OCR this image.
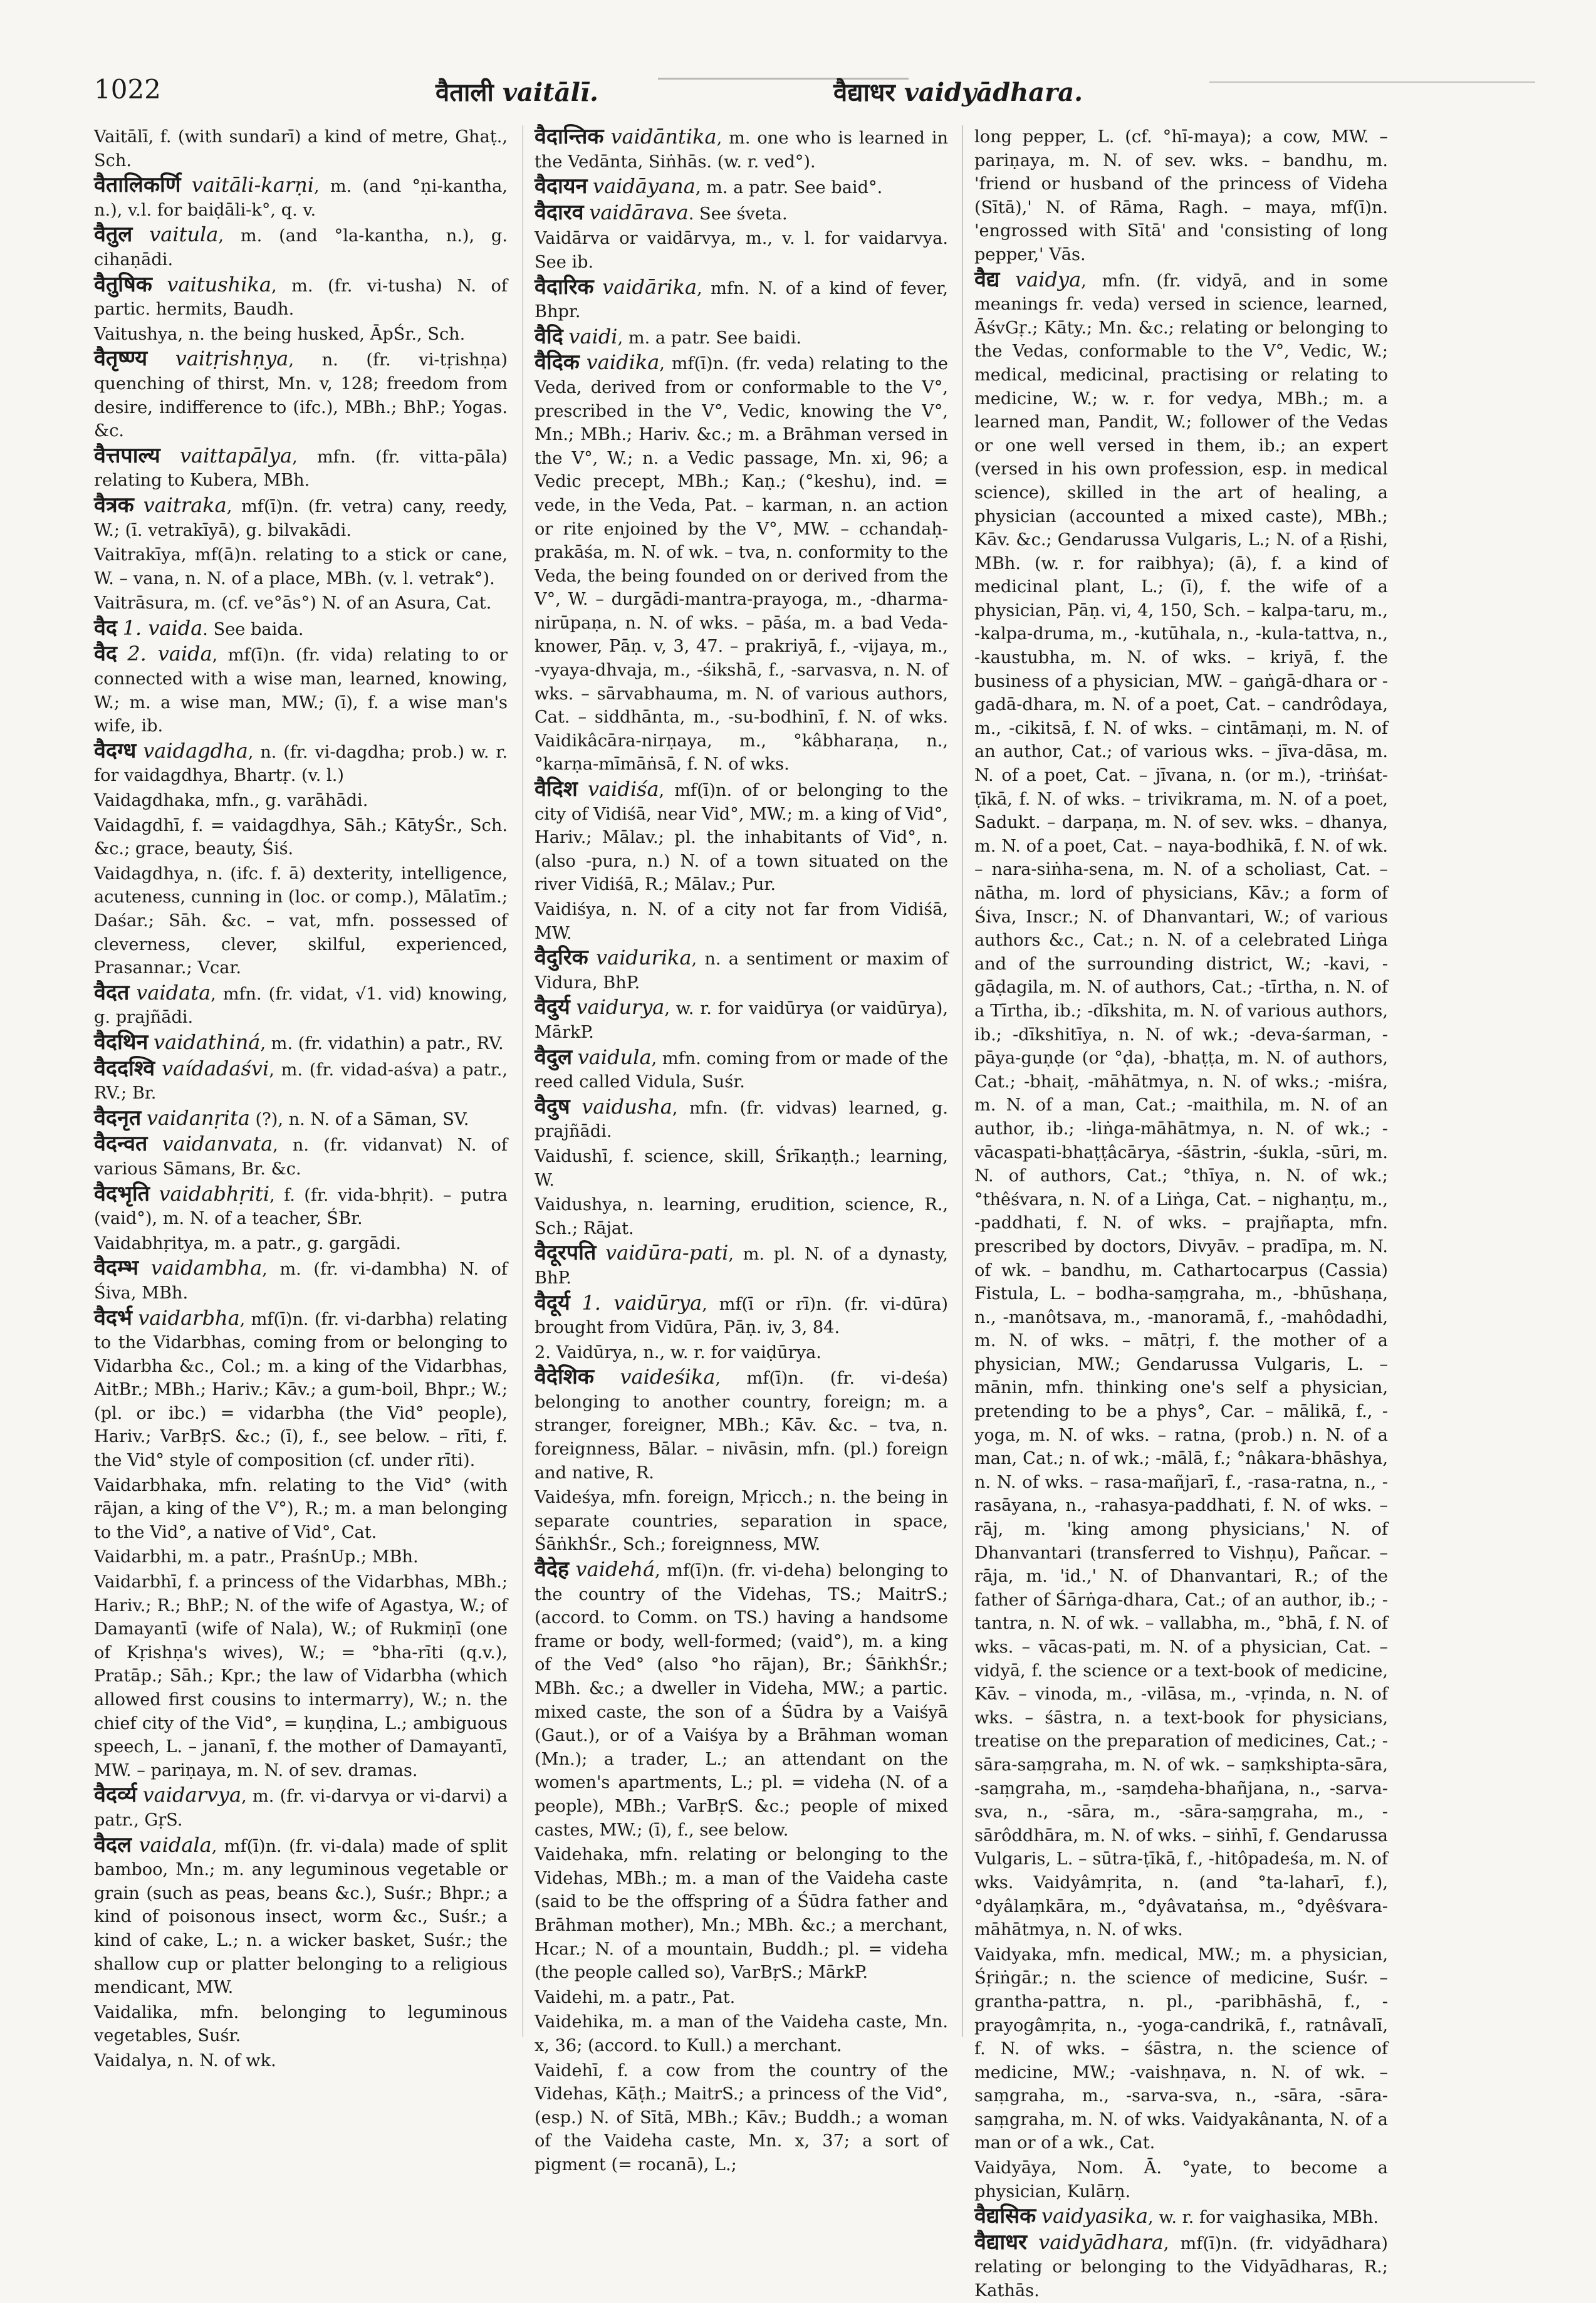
1022	वैताली vaitālī.	वैद्याधर vaidyādhara.

Vaitālī, f. (with sundarī) a kind of metre, Ghaṭ., Sch.

वैतालिकर्णि vaitāli-karṇi, m. (and °ṇi-kantha, n.), v.l. for baiḍāli-k°, q. v.

वैतुल vaitula, m. (and °la-kantha, n.), g. cihaṇādi.

वैतुषिक vaitushika, m. (fr. vi-tusha) N. of partic. hermits, Baudh.

Vaitushya, n. the being husked, ĀpŚr., Sch.

वैतृष्ण्य vaitṛishṇya, n. (fr. vi-tṛishṇa) quenching of thirst, Mn. v, 128; freedom from desire, indifference to (ifc.), MBh.; BhP.; Yogas. &c.

वैत्तपाल्य vaittapālya, mfn. (fr. vitta-pāla) relating to Kubera, MBh.

वैत्रक vaitraka, mf(ī)n. (fr. vetra) cany, reedy, W.; (ī. vetrakīyā), g. bilvakādi.

Vaitrakīya, mf(ā)n. relating to a stick or cane, W. – vana, n. N. of a place, MBh. (v. l. vetrak°).

Vaitrāsura, m. (cf. ve°ās°) N. of an Asura, Cat.

वैद 1. vaida. See baida.

वैद 2. vaida, mf(ī)n. (fr. vida) relating to or connected with a wise man, learned, knowing, W.; m. a wise man, MW.; (ī), f. a wise man's wife, ib.

वैदग्ध vaidagdha, n. (fr. vi-dagdha; prob.) w. r. for vaidagdhya, Bhartṛ. (v. l.)

Vaidagdhaka, mfn., g. varāhādi.

Vaidagdhī, f. = vaidagdhya, Sāh.; KātyŚr., Sch. &c.; grace, beauty, Śiś.

Vaidagdhya, n. (ifc. f. ā) dexterity, intelligence, acuteness, cunning in (loc. or comp.), Mālatīm.; Daśar.; Sāh. &c. – vat, mfn. possessed of cleverness, clever, skilful, experienced, Prasannar.; Vcar.

वैदत vaidata, mfn. (fr. vidat, √1. vid) knowing, g. prajñādi.

वैदथिन vaidathiná, m. (fr. vidathin) a patr., RV.

वैददश्वि vaídadaśvi, m. (fr. vidad-aśva) a patr., RV.; Br.

वैदनृत vaidanṛita (?), n. N. of a Sāman, SV.

वैदन्वत vaidanvata, n. (fr. vidanvat) N. of various Sāmans, Br. &c.

वैदभृति vaidabhṛiti, f. (fr. vida-bhṛit). – putra (vaid°), m. N. of a teacher, ŚBr.

Vaidabhṛitya, m. a patr., g. gargādi.

वैदम्भ vaidambha, m. (fr. vi-dambha) N. of Śiva, MBh.

वैदर्भ vaidarbha, mf(ī)n. (fr. vi-darbha) relating to the Vidarbhas, coming from or belonging to Vidarbha &c., Col.; m. a king of the Vidarbhas, AitBr.; MBh.; Hariv.; Kāv.; a gum-boil, Bhpr.; W.; (pl. or ibc.) = vidarbha (the Vid° people), Hariv.; VarBṛS. &c.; (ī), f., see below. – rīti, f. the Vid° style of composition (cf. under rīti).

Vaidarbhaka, mfn. relating to the Vid° (with rājan, a king of the V°), R.; m. a man belonging to the Vid°, a native of Vid°, Cat.

Vaidarbhi, m. a patr., PraśnUp.; MBh.

Vaidarbhī, f. a princess of the Vidarbhas, MBh.; Hariv.; R.; BhP.; N. of the wife of Agastya, W.; of Damayantī (wife of Nala), W.; of Rukmiṇī (one of Kṛishṇa's wives), W.; = °bha-rīti (q.v.), Pratāp.; Sāh.; Kpr.; the law of Vidarbha (which allowed first cousins to intermarry), W.; n. the chief city of the Vid°, = kuṇḍina, L.; ambiguous speech, L. – jananī, f. the mother of Damayantī, MW. – pariṇaya, m. N. of sev. dramas.

वैदर्व्य vaidarvya, m. (fr. vi-darvya or vi-darvi) a patr., GṛS.

वैदल vaidala, mf(ī)n. (fr. vi-dala) made of split bamboo, Mn.; m. any leguminous vegetable or grain (such as peas, beans &c.), Suśr.; Bhpr.; a kind of poisonous insect, worm &c., Suśr.; a kind of cake, L.; n. a wicker basket, Suśr.; the shallow cup or platter belonging to a religious mendicant, MW.

Vaidalika, mfn. belonging to leguminous vegetables, Suśr.

Vaidalya, n. N. of wk.

वैदान्तिक vaidāntika, m. one who is learned in the Vedānta, Siṅhās. (w. r. ved°).

वैदायन vaidāyana, m. a patr. See baid°.

वैदारव vaidārava. See śveta.

Vaidārva or vaidārvya, m., v. l. for vaidarvya. See ib.

वैदारिक vaidārika, mfn. N. of a kind of fever, Bhpr.

वैदि vaidi, m. a patr. See baidi.

वैदिक vaidika, mf(ī)n. (fr. veda) relating to the Veda, derived from or conformable to the V°, prescribed in the V°, Vedic, knowing the V°, Mn.; MBh.; Hariv. &c.; m. a Brāhman versed in the V°, W.; n. a Vedic passage, Mn. xi, 96; a Vedic precept, MBh.; Kaṇ.; (°keshu), ind. = vede, in the Veda, Pat. – karman, n. an action or rite enjoined by the V°, MW. – cchandaḥ-prakāśa, m. N. of wk. – tva, n. conformity to the Veda, the being founded on or derived from the V°, W. – durgādi-mantra-prayoga, m., -dharma-nirūpaṇa, n. N. of wks. – pāśa, m. a bad Veda-knower, Pāṇ. v, 3, 47. – prakriyā, f., -vijaya, m., -vyaya-dhvaja, m., -śikshā, f., -sarvasva, n. N. of wks. – sārvabhauma, m. N. of various authors, Cat. – siddhānta, m., -su-bodhinī, f. N. of wks. Vaidikâcāra-nirṇaya, m., °kâbharaṇa, n., °karṇa-mīmāṅsā, f. N. of wks.

वैदिश vaidiśa, mf(ī)n. of or belonging to the city of Vidiśā, near Vid°, MW.; m. a king of Vid°, Hariv.; Mālav.; pl. the inhabitants of Vid°, n. (also -pura, n.) N. of a town situated on the river Vidiśā, R.; Mālav.; Pur.

Vaidiśya, n. N. of a city not far from Vidiśā, MW.

वैदुरिक vaidurika, n. a sentiment or maxim of Vidura, BhP.

वैदुर्य vaidurya, w. r. for vaidūrya (or vaidūrya), MārkP.

वैदुल vaidula, mfn. coming from or made of the reed called Vidula, Suśr.

वैदुष vaidusha, mfn. (fr. vidvas) learned, g. prajñādi.

Vaidushī, f. science, skill, Śrīkaṇṭh.; learning, W.

Vaidushya, n. learning, erudition, science, R., Sch.; Rājat.

वैदूरपति vaidūra-pati, m. pl. N. of a dynasty, BhP.

वैदूर्य 1. vaidūrya, mf(ī or rī)n. (fr. vi-dūra) brought from Vidūra, Pāṇ. iv, 3, 84.

2. Vaidūrya, n., w. r. for vaiḍūrya.

वैदेशिक vaideśika, mf(ī)n. (fr. vi-deśa) belonging to another country, foreign; m. a stranger, foreigner, MBh.; Kāv. &c. – tva, n. foreignness, Bālar. – nivāsin, mfn. (pl.) foreign and native, R.

Vaideśya, mfn. foreign, Mṛicch.; n. the being in separate countries, separation in space, ŚāṅkhŚr., Sch.; foreignness, MW.

वैदेह vaidehá, mf(ī)n. (fr. vi-deha) belonging to the country of the Videhas, TS.; MaitrS.; (accord. to Comm. on TS.) having a handsome frame or body, well-formed; (vaid°), m. a king of the Ved° (also °ho rājan), Br.; ŚāṅkhŚr.; MBh. &c.; a dweller in Videha, MW.; a partic. mixed caste, the son of a Śūdra by a Vaiśyā (Gaut.), or of a Vaiśya by a Brāhman woman (Mn.); a trader, L.; an attendant on the women's apartments, L.; pl. = videha (N. of a people), MBh.; VarBṛS. &c.; people of mixed castes, MW.; (ī), f., see below.

Vaidehaka, mfn. relating or belonging to the Videhas, MBh.; m. a man of the Vaideha caste (said to be the offspring of a Śūdra father and Brāhman mother), Mn.; MBh. &c.; a merchant, Hcar.; N. of a mountain, Buddh.; pl. = videha (the people called so), VarBṛS.; MārkP.

Vaidehi, m. a patr., Pat.

Vaidehika, m. a man of the Vaideha caste, Mn. x, 36; (accord. to Kull.) a merchant.

Vaidehī, f. a cow from the country of the Videhas, Kāṭh.; MaitrS.; a princess of the Vid°, (esp.) N. of Sītā, MBh.; Kāv.; Buddh.; a woman of the Vaideha caste, Mn. x, 37; a sort of pigment (= rocanā), L.;

long pepper, L. (cf. °hī-maya); a cow, MW. – pariṇaya, m. N. of sev. wks. – bandhu, m. 'friend or husband of the princess of Videha (Sītā),' N. of Rāma, Ragh. – maya, mf(ī)n. 'engrossed with Sītā' and 'consisting of long pepper,' Vās.

वैद्य vaidya, mfn. (fr. vidyā, and in some meanings fr. veda) versed in science, learned, ĀśvGṛ.; Kāty.; Mn. &c.; relating or belonging to the Vedas, conformable to the V°, Vedic, W.; medical, medicinal, practising or relating to medicine, W.; w. r. for vedya, MBh.; m. a learned man, Pandit, W.; follower of the Vedas or one well versed in them, ib.; an expert (versed in his own profession, esp. in medical science), skilled in the art of healing, a physician (accounted a mixed caste), MBh.; Kāv. &c.; Gendarussa Vulgaris, L.; N. of a Ṛishi, MBh. (w. r. for raibhya); (ā), f. a kind of medicinal plant, L.; (ī), f. the wife of a physician, Pāṇ. vi, 4, 150, Sch. – kalpa-taru, m., -kalpa-druma, m., -kutūhala, n., -kula-tattva, n., -kaustubha, m. N. of wks. – kriyā, f. the business of a physician, MW. – gaṅgā-dhara or -gadā-dhara, m. N. of a poet, Cat. – candrôdaya, m., -cikitsā, f. N. of wks. – cintāmaṇi, m. N. of an author, Cat.; of various wks. – jīva-dāsa, m. N. of a poet, Cat. – jīvana, n. (or m.), -triṅśat-ṭīkā, f. N. of wks. – trivikrama, m. N. of a poet, Sadukt. – darpaṇa, m. N. of sev. wks. – dhanya, m. N. of a poet, Cat. – naya-bodhikā, f. N. of wk. – nara-siṅha-sena, m. N. of a scholiast, Cat. – nātha, m. lord of physicians, Kāv.; a form of Śiva, Inscr.; N. of Dhanvantari, W.; of various authors &c., Cat.; n. N. of a celebrated Liṅga and of the surrounding district, W.; -kavi, -gāḍagila, m. N. of authors, Cat.; -tīrtha, n. N. of a Tīrtha, ib.; -dīkshita, m. N. of various authors, ib.; -dīkshitīya, n. N. of wk.; -deva-śarman, -pāya-guṇḍe (or °ḍa), -bhaṭṭa, m. N. of authors, Cat.; -bhaiṭ, -māhātmya, n. N. of wks.; -miśra, m. N. of a man, Cat.; -maithila, m. N. of an author, ib.; -liṅga-māhātmya, n. N. of wk.; -vācaspati-bhaṭṭâcārya, -śāstrin, -śukla, -sūri, m. N. of authors, Cat.; °thīya, n. N. of wk.; °thêśvara, n. N. of a Liṅga, Cat. – nighaṇṭu, m., -paddhati, f. N. of wks. – prajñapta, mfn. prescribed by doctors, Divyāv. – pradīpa, m. N. of wk. – bandhu, m. Cathartocarpus (Cassia) Fistula, L. – bodha-saṃgraha, m., -bhūshaṇa, n., -manôtsava, m., -manoramā, f., -mahôdadhi, m. N. of wks. – mātṛi, f. the mother of a physician, MW.; Gendarussa Vulgaris, L. – mānin, mfn. thinking one's self a physician, pretending to be a phys°, Car. – mālikā, f., -yoga, m. N. of wks. – ratna, (prob.) n. N. of a man, Cat.; n. of wk.; -mālā, f.; °nâkara-bhāshya, n. N. of wks. – rasa-mañjarī, f., -rasa-ratna, n., -rasāyana, n., -rahasya-paddhati, f. N. of wks. – rāj, m. 'king among physicians,' N. of Dhanvantari (transferred to Vishṇu), Pañcar. – rāja, m. 'id.,' N. of Dhanvantari, R.; of the father of Śārṅga-dhara, Cat.; of an author, ib.; -tantra, n. N. of wk. – vallabha, m., °bhā, f. N. of wks. – vācas-pati, m. N. of a physician, Cat. – vidyā, f. the science or a text-book of medicine, Kāv. – vinoda, m., -vilāsa, m., -vṛinda, n. N. of wks. – śāstra, n. a text-book for physicians, treatise on the preparation of medicines, Cat.; -sāra-saṃgraha, m. N. of wk. – saṃkshipta-sāra, -saṃgraha, m., -saṃdeha-bhañjana, n., -sarva-sva, n., -sāra, m., -sāra-saṃgraha, m., -sārôddhāra, m. N. of wks. – siṅhī, f. Gendarussa Vulgaris, L. – sūtra-ṭīkā, f., -hitôpadeśa, m. N. of wks. Vaidyâmṛita, n. (and °ta-laharī, f.), °dyâlaṃkāra, m., °dyâvataṅsa, m., °dyêśvara-māhātmya, n. N. of wks.

Vaidyaka, mfn. medical, MW.; m. a physician, Śṛiṅgār.; n. the science of medicine, Suśr. – grantha-pattra, n. pl., -paribhāshā, f., -prayogâmṛita, n., -yoga-candrikā, f., ratnâvalī, f. N. of wks. – śāstra, n. the science of medicine, MW.; -vaishṇava, n. N. of wk. – saṃgraha, m., -sarva-sva, n., -sāra, -sāra-saṃgraha, m. N. of wks. Vaidyakânanta, N. of a man or of a wk., Cat.

Vaidyāya, Nom. Ā. °yate, to become a physician, Kulārṇ.

वैद्यसिक vaidyasika, w. r. for vaighasika, MBh.

वैद्याधर vaidyādhara, mf(ī)n. (fr. vidyādhara) relating or belonging to the Vidyādharas, R.; Kathās.
